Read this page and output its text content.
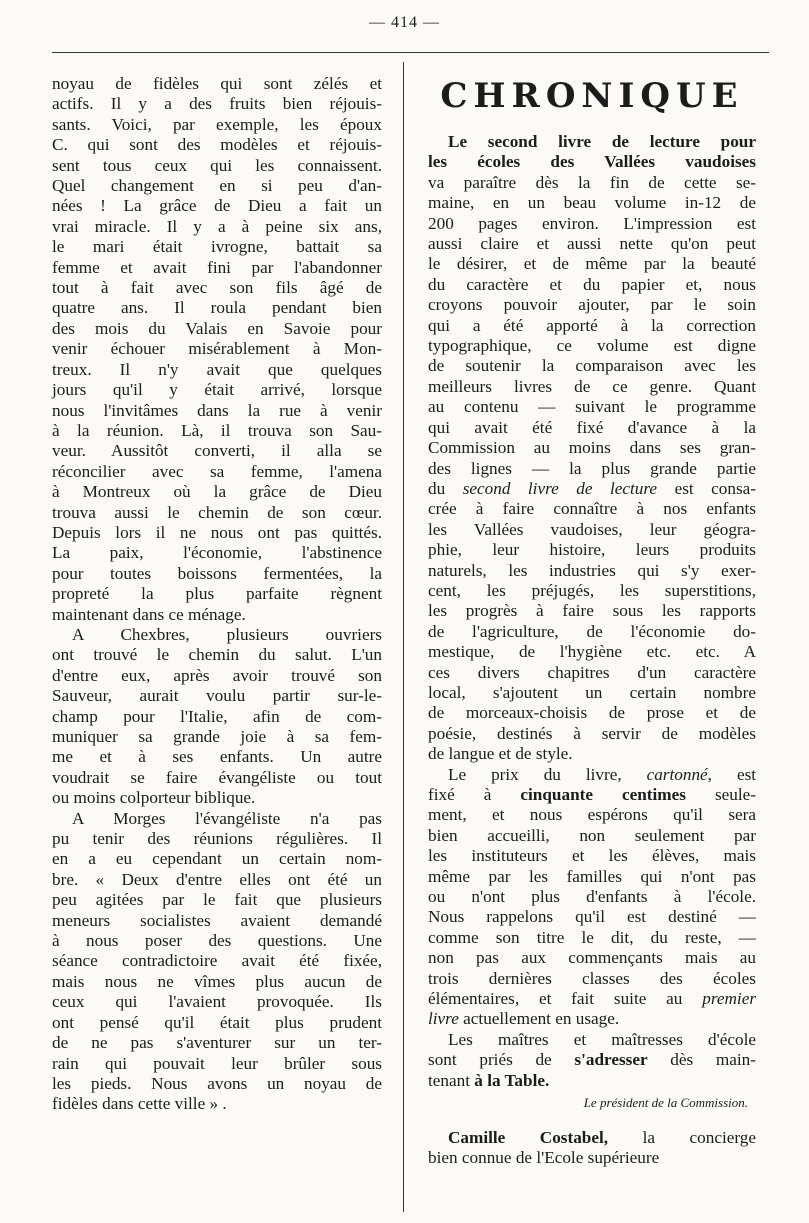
— 414 —
noyau de fidèles qui sont zélés et
actifs. Il y a des fruits bien réjouis-
sants. Voici, par exemple, les époux
C. qui sont des modèles et réjouis-
sent tous ceux qui les connaissent.
Quel changement en si peu d'an-
nées ! La grâce de Dieu a fait un
vrai miracle. Il y a à peine six ans,
le mari était ivrogne, battait sa
femme et avait fini par l'abandonner
tout à fait avec son fils âgé de
quatre ans. Il roula pendant bien
des mois du Valais en Savoie pour
venir échouer misérablement à Mon-
treux. Il n'y avait que quelques
jours qu'il y était arrivé, lorsque
nous l'invitâmes dans la rue à venir
à la réunion. Là, il trouva son Sau-
veur. Aussitôt converti, il alla se
réconcilier avec sa femme, l'amena
à Montreux où la grâce de Dieu
trouva aussi le chemin de son cœur.
Depuis lors il ne nous ont pas quittés.
La paix, l'économie, l'abstinence
pour toutes boissons fermentées, la
propreté la plus parfaite règnent
maintenant dans ce ménage.
A Chexbres, plusieurs ouvriers
ont trouvé le chemin du salut. L'un
d'entre eux, après avoir trouvé son
Sauveur, aurait voulu partir sur-le-
champ pour l'Italie, afin de com-
muniquer sa grande joie à sa fem-
me et à ses enfants. Un autre
voudrait se faire évangéliste ou tout
ou moins colporteur biblique.
A Morges l'évangéliste n'a pas
pu tenir des réunions régulières. Il
en a eu cependant un certain nom-
bre. « Deux d'entre elles ont été un
peu agitées par le fait que plusieurs
meneurs socialistes avaient demandé
à nous poser des questions. Une
séance contradictoire avait été fixée,
mais nous ne vîmes plus aucun de
ceux qui l'avaient provoquée. Ils
ont pensé qu'il était plus prudent
de ne pas s'aventurer sur un ter-
rain qui pouvait leur brûler sous
les pieds. Nous avons un noyau de
fidèles dans cette ville » .
CHRONIQUE
Le second livre de lecture pour
les écoles des Vallées vaudoises
va paraître dès la fin de cette se-
maine, en un beau volume in-12 de
200 pages environ. L'impression est
aussi claire et aussi nette qu'on peut
le désirer, et de même par la beauté
du caractère et du papier et, nous
croyons pouvoir ajouter, par le soin
qui a été apporté à la correction
typographique, ce volume est digne
de soutenir la comparaison avec les
meilleurs livres de ce genre. Quant
au contenu — suivant le programme
qui avait été fixé d'avance à la
Commission au moins dans ses gran-
des lignes — la plus grande partie
du second livre de lecture est consa-
crée à faire connaître à nos enfants
les Vallées vaudoises, leur géogra-
phie, leur histoire, leurs produits
naturels, les industries qui s'y exer-
cent, les préjugés, les superstitions,
les progrès à faire sous les rapports
de l'agriculture, de l'économie do-
mestique, de l'hygiène etc. etc. A
ces divers chapitres d'un caractère
local, s'ajoutent un certain nombre
de morceaux-choisis de prose et de
poésie, destinés à servir de modèles
de langue et de style.
Le prix du livre, cartonné, est
fixé à cinquante centimes seule-
ment, et nous espérons qu'il sera
bien accueilli, non seulement par
les instituteurs et les élèves, mais
même par les familles qui n'ont pas
ou n'ont plus d'enfants à l'école.
Nous rappelons qu'il est destiné —
comme son titre le dit, du reste, —
non pas aux commençants mais au
trois dernières classes des écoles
élémentaires, et fait suite au premier
livre actuellement en usage.
Les maîtres et maîtresses d'école
sont priés de s'adresser dès main-
tenant à la Table.
Le président de la Commission.
Camille Costabel, la concierge
bien connue de l'Ecole supérieure
